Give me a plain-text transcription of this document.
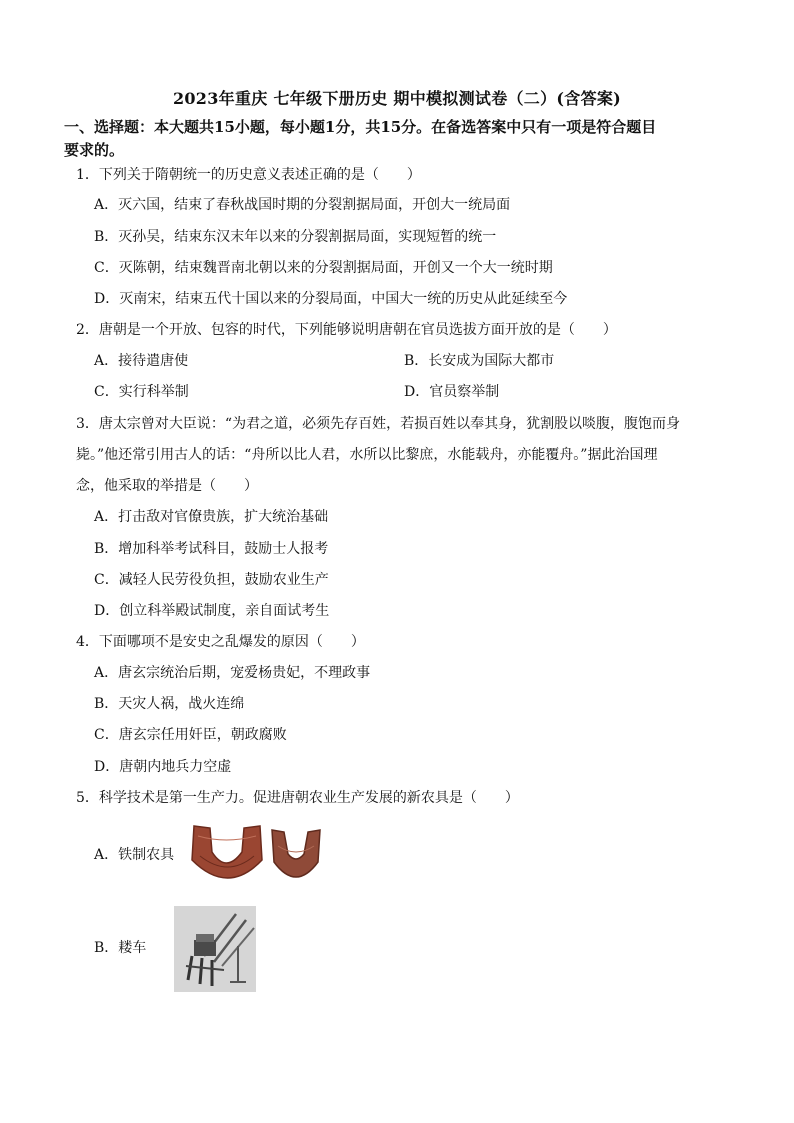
2023年重庆 七年级下册历史 期中模拟测试卷（二）(含答案)
一、选择题：本大题共15小题，每小题1分，共15分。在备选答案中只有一项是符合题目
要求的。
1．下列关于隋朝统一的历史意义表述正确的是（　　）
A．灭六国，结束了春秋战国时期的分裂割据局面，开创大一统局面
B．灭孙吴，结束东汉末年以来的分裂割据局面，实现短暂的统一
C．灭陈朝，结束魏晋南北朝以来的分裂割据局面，开创又一个大一统时期
D．灭南宋，结束五代十国以来的分裂局面，中国大一统的历史从此延续至今
2．唐朝是一个开放、包容的时代，下列能够说明唐朝在官员选拔方面开放的是（　　）
A．接待遣唐使	B．长安成为国际大都市
C．实行科举制	D．官员察举制
3．唐太宗曾对大臣说：“为君之道，必须先存百姓，若损百姓以奉其身，犹割股以啖腹，腹饱而身
毙。”他还常引用古人的话：“舟所以比人君，水所以比黎庶，水能载舟，亦能覆舟。”据此治国理
念，他采取的举措是（　　）
A．打击敌对官僚贵族，扩大统治基础
B．增加科举考试科目，鼓励士人报考
C．减轻人民劳役负担，鼓励农业生产
D．创立科举殿试制度，亲自面试考生
4．下面哪项不是安史之乱爆发的原因（　　）
A．唐玄宗统治后期，宠爱杨贵妃，不理政事
B．天灾人祸，战火连绵
C．唐玄宗任用奸臣，朝政腐败
D．唐朝内地兵力空虚
5．科学技术是第一生产力。促进唐朝农业生产发展的新农具是（　　）
A．铁制农具
B．耧车
